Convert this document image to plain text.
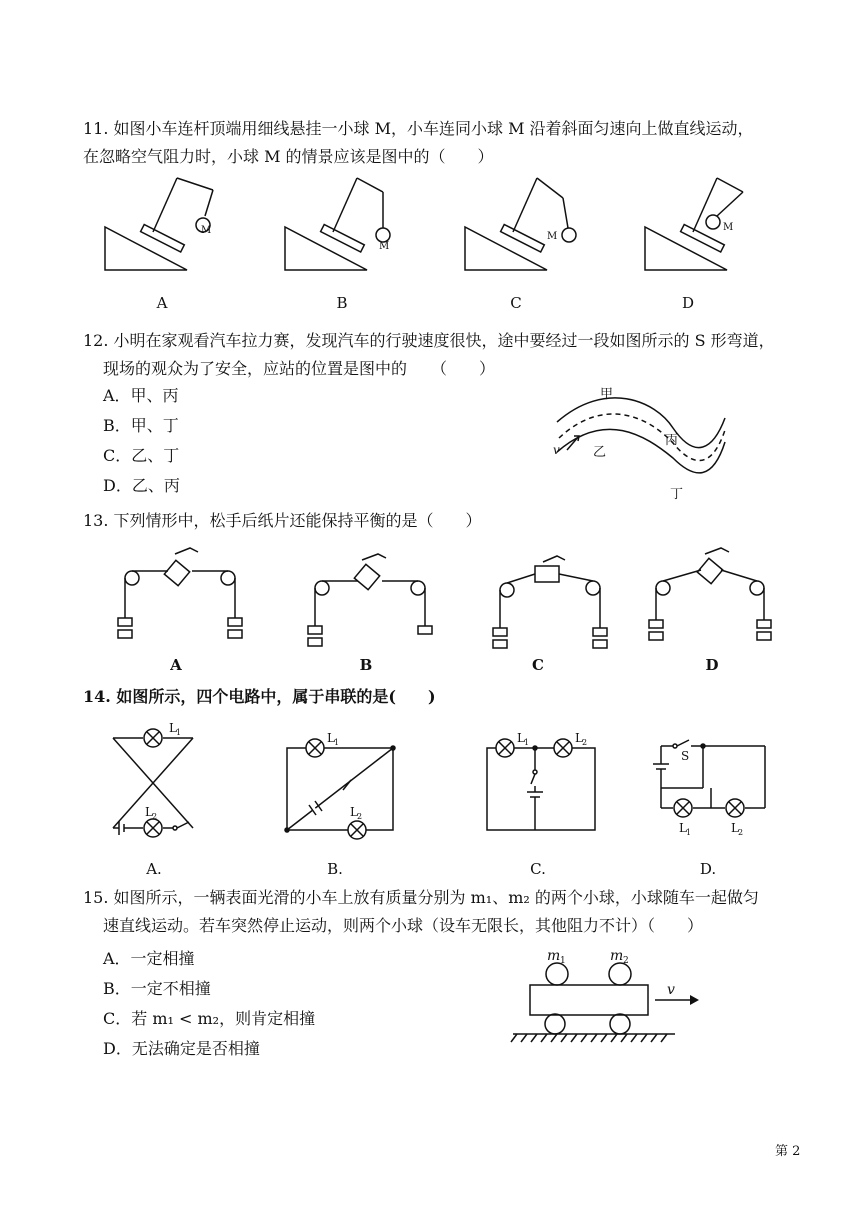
11. 如图小车连杆顶端用细线悬挂一小球 M，小车连同小球 M 沿着斜面匀速向上做直线运动，
在忽略空气阻力时，小球 M 的情景应该是图中的（　　）
M
M
M
M
A	B	C	D
12. 小明在家观看汽车拉力赛，发现汽车的行驶速度很快，途中要经过一段如图所示的 S 形弯道，
现场的观众为了安全，应站的位置是图中的　　（　　）
A．甲、丙
B．甲、丁
C．乙、丁
D．乙、丙
甲
乙
丙
丁
v
13. 下列情形中，松手后纸片还能保持平衡的是（　　）
A	B	C	D
14. 如图所示，四个电路中，属于串联的是(　　)
L 1
L 2
L 1
L 2
L 1	L 2
S
L 1	L 2
A.	B.	C.	D.
15. 如图所示，一辆表面光滑的小车上放有质量分别为 m₁、m₂ 的两个小球，小球随车一起做匀
速直线运动。若车突然停止运动，则两个小球（设车无限长，其他阻力不计）（　　）
A．一定相撞
B．一定不相撞
C．若 m₁ < m₂，则肯定相撞
D．无法确定是否相撞
m 1	m 2
v
第 2
